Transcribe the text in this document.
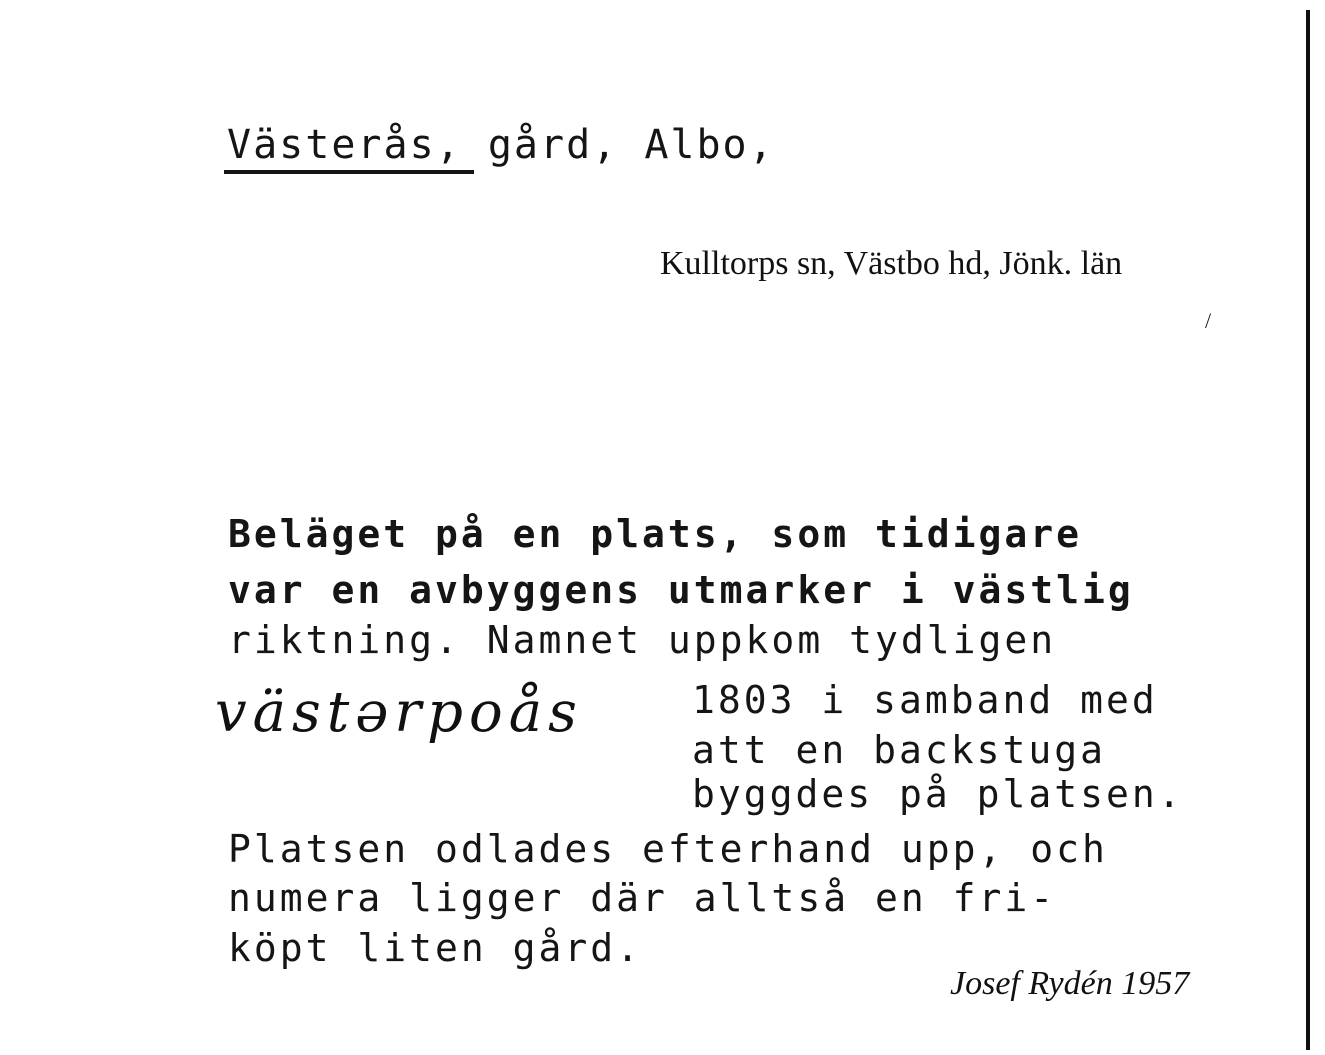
Västerås, gård, Albo,
Kulltorps sn, Västbo hd, Jönk. län
/
Beläget på en plats, som tidigare
var en avbyggens utmarker i västlig
riktning. Namnet uppkom tydligen
västərpoås	1803 i samband med
att en backstuga
byggdes på platsen.
Platsen odlades efterhand upp, och
numera ligger där alltså en fri-
köpt liten gård.
Josef Rydén 1957
